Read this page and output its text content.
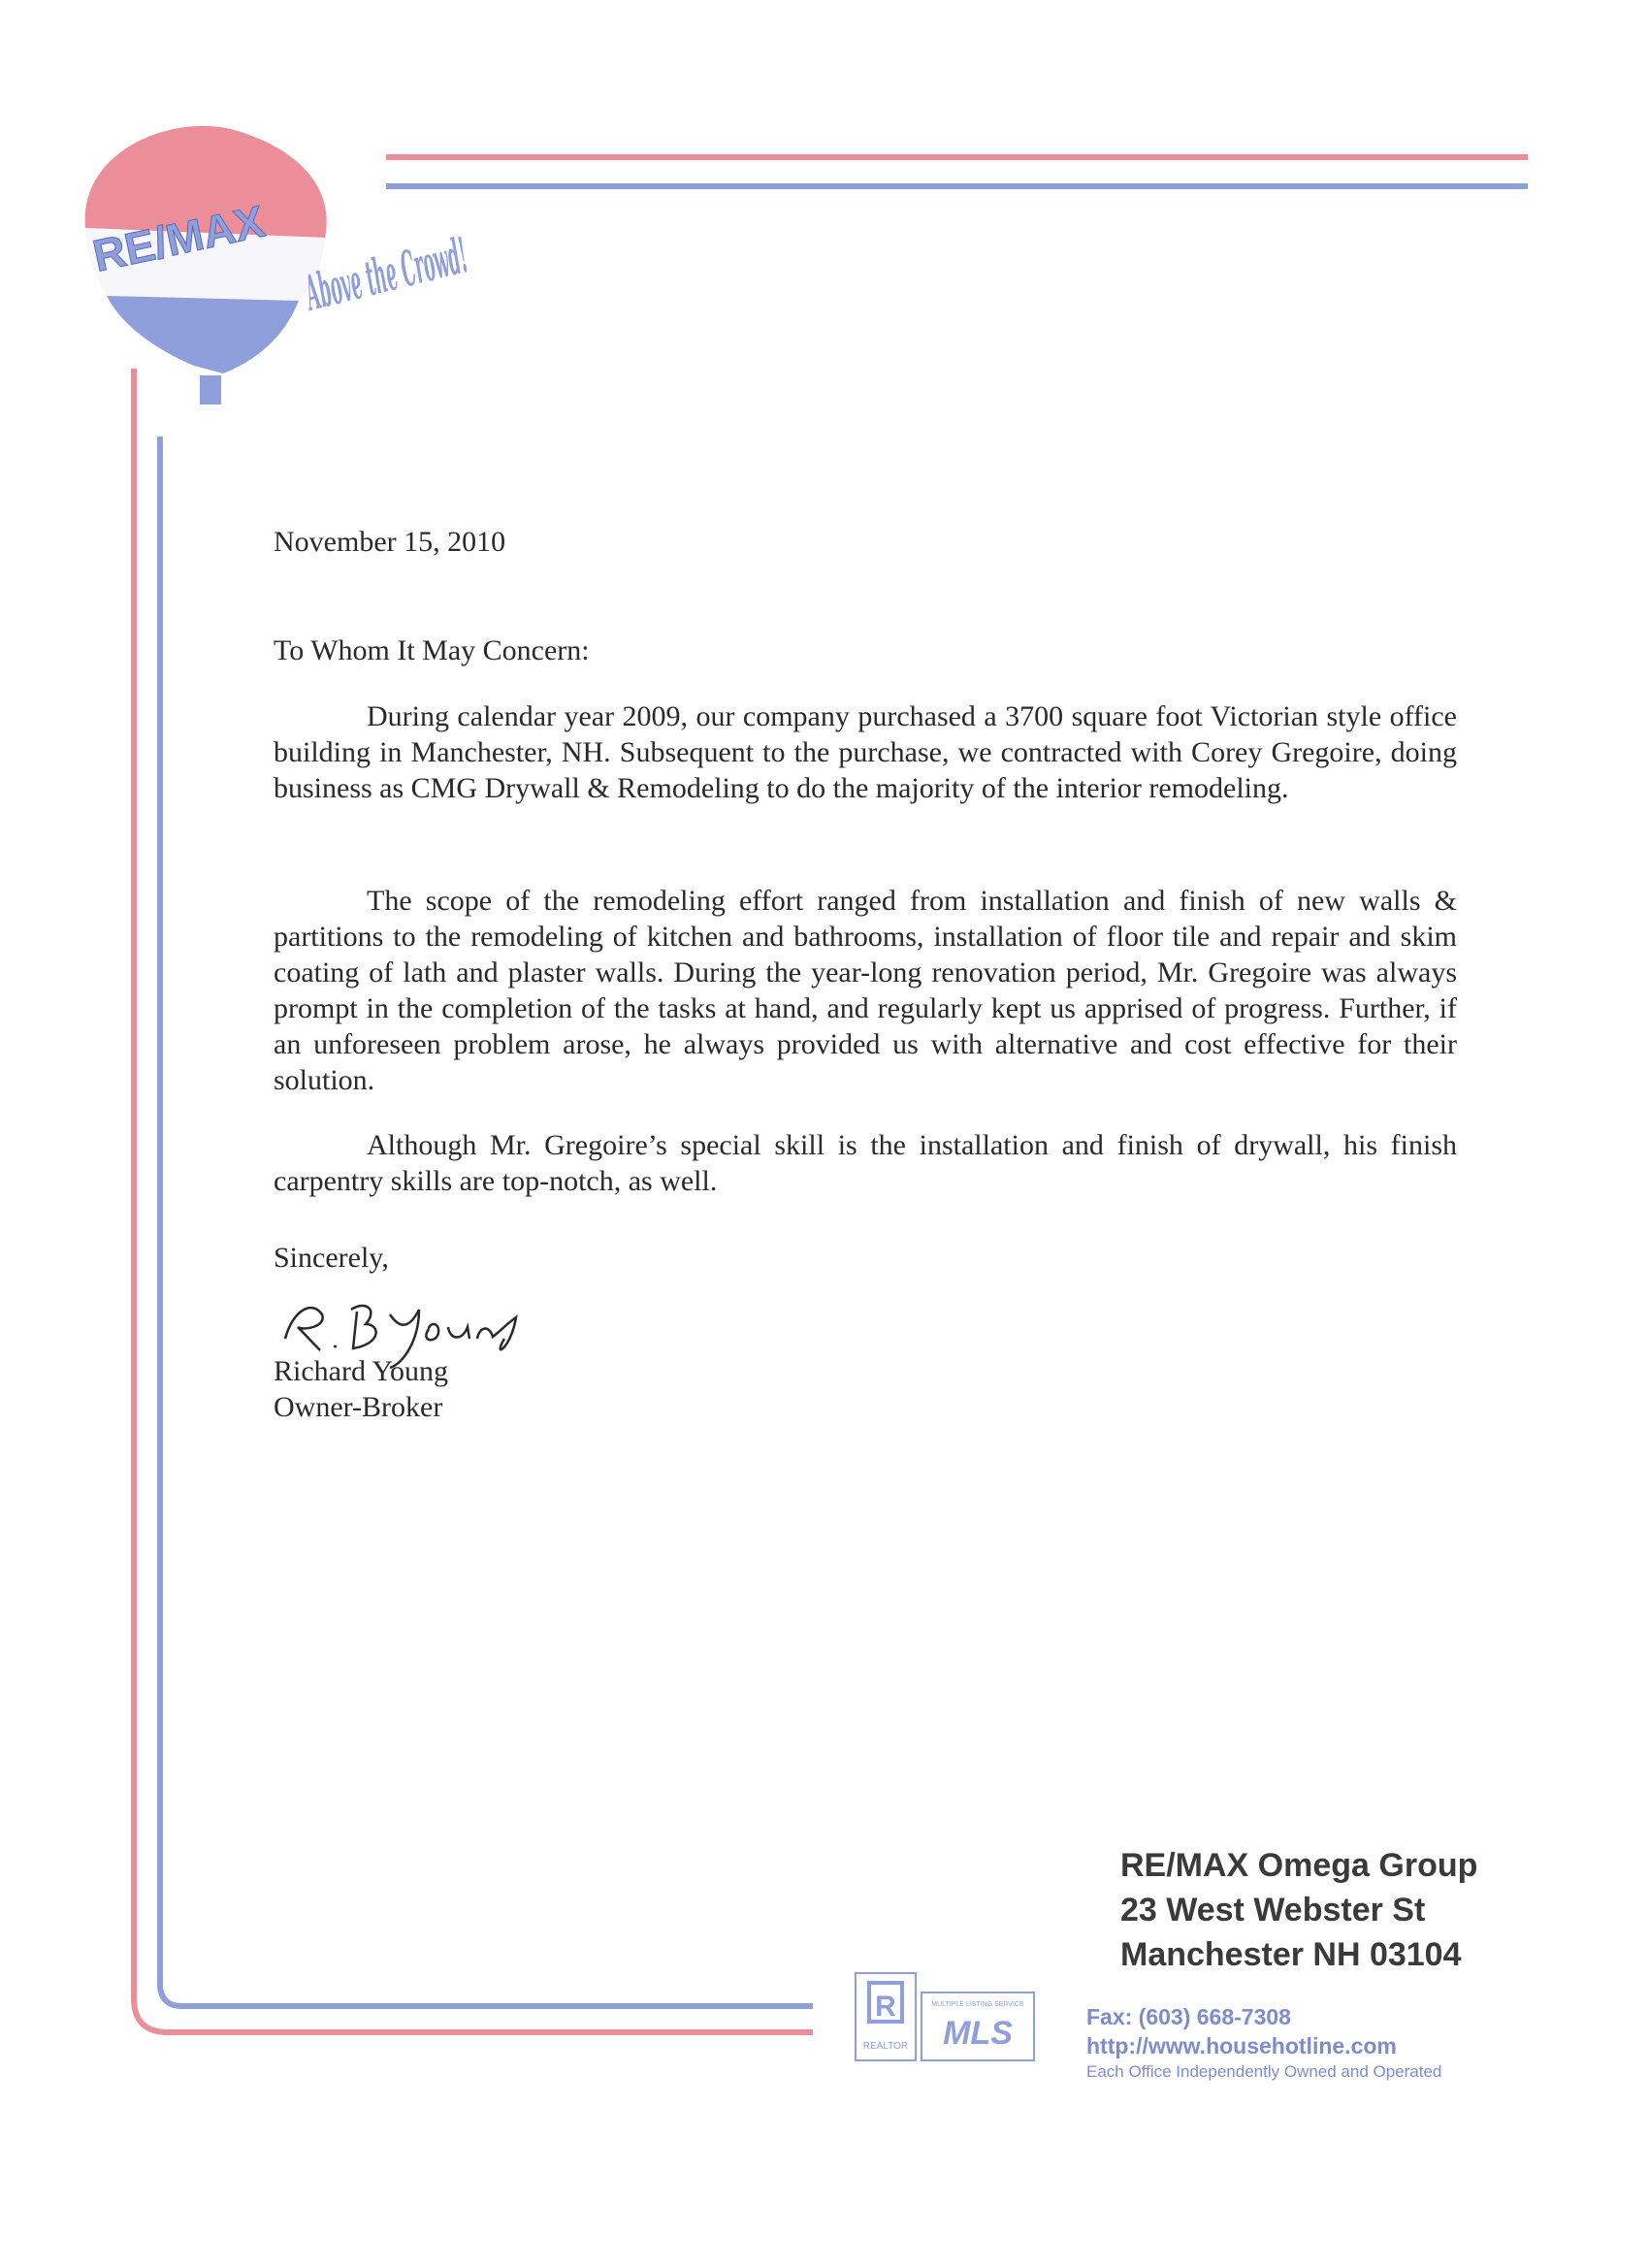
RE/MAX Above the Crowd!
November 15, 2010
To Whom It May Concern:

During calendar year 2009, our company purchased a 3700 square foot Victorian style office building in Manchester, NH. Subsequent to the purchase, we contracted with Corey Gregoire, doing business as CMG Drywall & Remodeling to do the majority of the interior remodeling.

The scope of the remodeling effort ranged from installation and finish of new walls & partitions to the remodeling of kitchen and bathrooms, installation of floor tile and repair and skim coating of lath and plaster walls. During the year-long renovation period, Mr. Gregoire was always prompt in the completion of the tasks at hand, and regularly kept us apprised of progress. Further, if an unforeseen problem arose, he always provided us with alternative and cost effective for their solution.

Although Mr. Gregoire’s special skill is the installation and finish of drywall, his finish carpentry skills are top-notch, as well.

Sincerely,
Richard Young
Owner-Broker
R
REALTOR
MULTIPLE LISTING SERVICE
MLS
RE/MAX Omega Group
23 West Webster St
Manchester NH 03104
Fax: (603) 668-7308
http://www.househotline.com
Each Office Independently Owned and Operated
